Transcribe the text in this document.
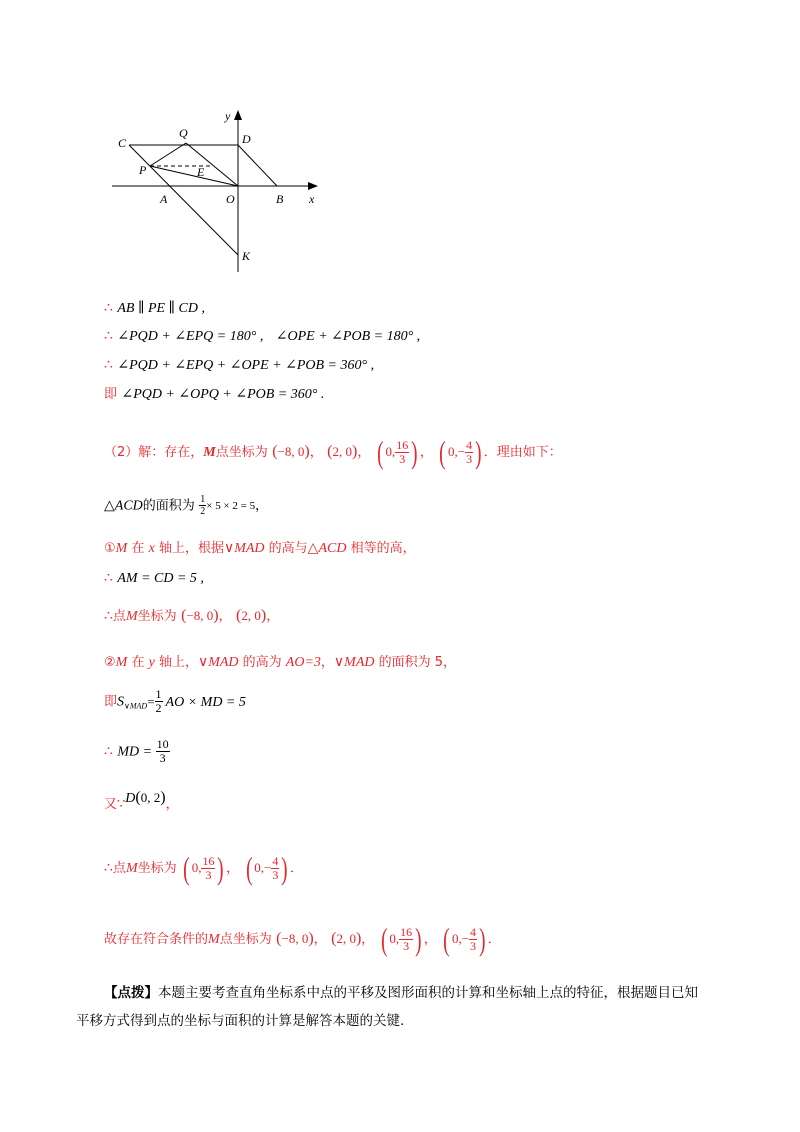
y
C
Q	D
P	E
A	O	B x
K
∴ AB ∥ PE ∥ CD ,
∴ ∠PQD + ∠EPQ = 180° , ∠OPE + ∠POB = 180° ,
∴ ∠PQD + ∠EPQ + ∠OPE + ∠POB = 360° ,
即 ∠PQD + ∠OPQ + ∠POB = 360° .
（2）解：存在，M点坐标为 (−8, 0)， (2, 0)， ( 0, $\frac{16}{3}$ ) ， ( $0,- \frac{4}{3}$ ) ．理由如下：
△ACD的面积为 $\frac{1}{2} \times 5 \times 2 = 5$，
①M 在 x 轴上，根据∨MAD 的高与△ACD 相等的高，
∴ AM = CD = 5 ,
∴点M坐标为 (−8, 0)， (2, 0)，
②M 在 y 轴上，∨MAD 的高为 AO=3，∨MAD 的面积为 5，
即$S_{\vee MAD}= \frac{1}{2}$ AO × MD = 5
∴ MD = $\frac{10}{3}$
又∵D(0, 2)，
∴点M坐标为 ( 0, $\frac{16}{3}$ ) ， ( $0,- \frac{4}{3}$ ) ．
故存在符合条件的M点坐标为 (−8, 0)， (2, 0)， ( 0, $\frac{16}{3}$ ) ， ( $0,- \frac{4}{3}$ ) ．
【点拨】本题主要考查直角坐标系中点的平移及图形面积的计算和坐标轴上点的特征，根据题目已知
平移方式得到点的坐标与面积的计算是解答本题的关键.
